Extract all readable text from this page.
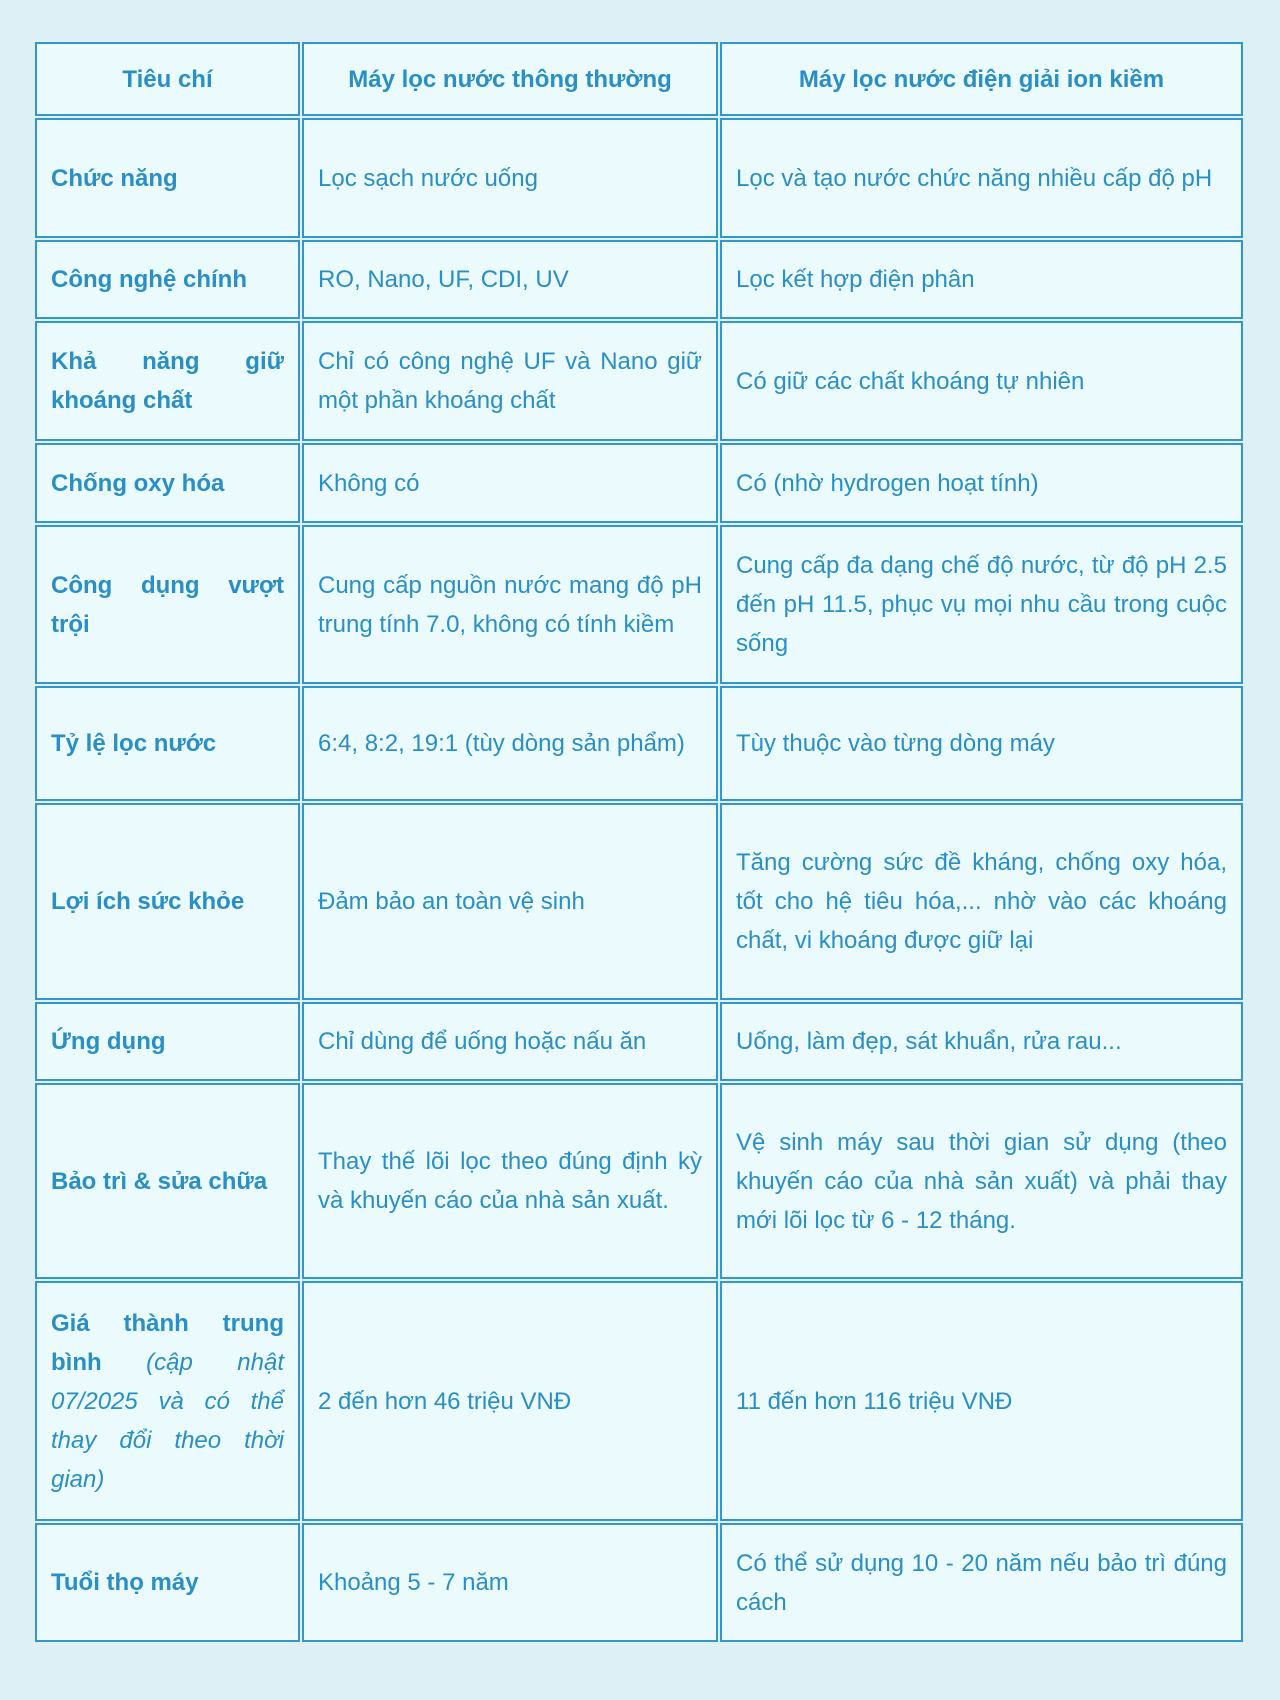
Tiêu chí	Máy lọc nước thông thường	Máy lọc nước điện giải ion kiềm
Chức năng	Lọc sạch nước uống	Lọc và tạo nước chức năng nhiều cấp độ pH
Công nghệ chính	RO, Nano, UF, CDI, UV	Lọc kết hợp điện phân
Khả năng giữ khoáng chất	Chỉ có công nghệ UF và Nano giữ một phần khoáng chất	Có giữ các chất khoáng tự nhiên
Chống oxy hóa	Không có	Có (nhờ hydrogen hoạt tính)
Công dụng vượt trội	Cung cấp nguồn nước mang độ pH trung tính 7.0, không có tính kiềm	Cung cấp đa dạng chế độ nước, từ độ pH 2.5 đến pH 11.5, phục vụ mọi nhu cầu trong cuộc sống
Tỷ lệ lọc nước	6:4, 8:2, 19:1 (tùy dòng sản phẩm)	Tùy thuộc vào từng dòng máy
Lợi ích sức khỏe	Đảm bảo an toàn vệ sinh	Tăng cường sức đề kháng, chống oxy hóa, tốt cho hệ tiêu hóa,... nhờ vào các khoáng chất, vi khoáng được giữ lại
Ứng dụng	Chỉ dùng để uống hoặc nấu ăn	Uống, làm đẹp, sát khuẩn, rửa rau...
Bảo trì & sửa chữa	Thay thế lõi lọc theo đúng định kỳ và khuyến cáo của nhà sản xuất.	Vệ sinh máy sau thời gian sử dụng (theo khuyến cáo của nhà sản xuất) và phải thay mới lõi lọc từ 6 - 12 tháng.
Giá thành trung bình (cập nhật 07/2025 và có thể thay đổi theo thời gian)	2 đến hơn 46 triệu VNĐ	11 đến hơn 116 triệu VNĐ
Tuổi thọ máy	Khoảng 5 - 7 năm	Có thể sử dụng 10 - 20 năm nếu bảo trì đúng cách
